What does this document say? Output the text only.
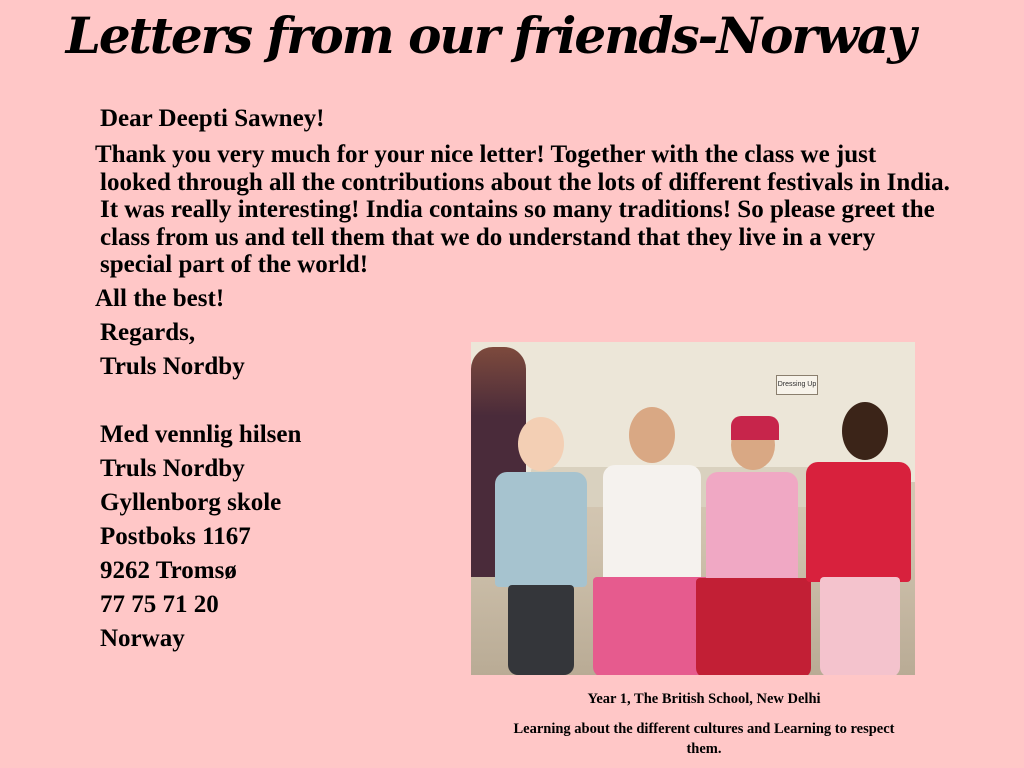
Letters from our friends-Norway

Dear Deepti Sawney!

Thank you very much for your nice letter! Together with the class we just looked through all the contributions about the lots of different festivals in India. It was really interesting! India contains so many traditions! So please greet the class from us and tell them that we do understand that they live in a very special part of the world!

All the best!

Regards,

Truls Nordby

Med vennlig hilsen

Truls Nordby

Gyllenborg skole

Postboks 1167

9262 Tromsø

77 75 71 20

Norway

Dressing Up

Year 1, The British School, New Delhi

Learning about the different cultures and Learning to respect them.
